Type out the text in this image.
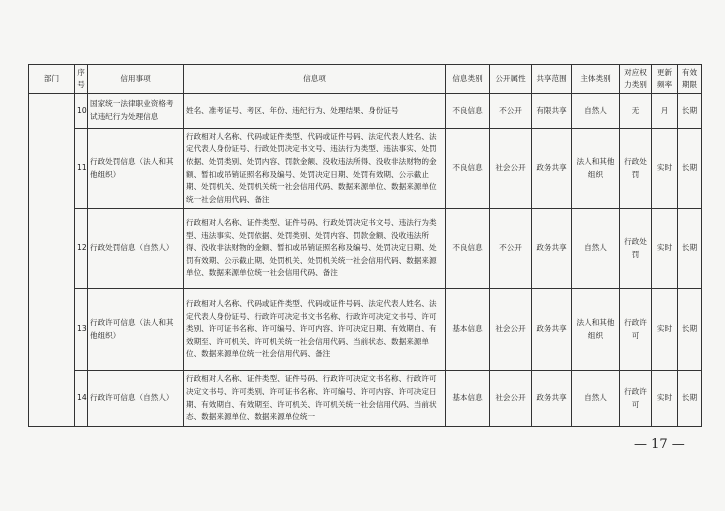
部门	序号	信用事项	信息项	信息类别	公开属性	共享范围	主体类别	对应权力类别	更新频率	有效期限
	10	国家统一法律职业资格考试违纪行为处理信息	姓名、准考证号、考区、年份、违纪行为、处理结果、身份证号	不良信息	不公开	有限共享	自然人	无	月	长期
	11	行政处罚信息（法人和其他组织）	行政相对人名称、代码或证件类型、代码或证件号码、法定代表人姓名、法定代表人身份证号、行政处罚决定书文号、违法行为类型、违法事实、处罚依据、处罚类别、处罚内容、罚款金额、没收违法所得、没收非法财物的金额、暂扣或吊销证照名称及编号、处罚决定日期、处罚有效期、公示截止期、处罚机关、处罚机关统一社会信用代码、数据来源单位、数据来源单位统一社会信用代码、备注	不良信息	社会公开	政务共享	法人和其他组织	行政处罚	实时	长期
	12	行政处罚信息（自然人）	行政相对人名称、证件类型、证件号码、行政处罚决定书文号、违法行为类型、违法事实、处罚依据、处罚类别、处罚内容、罚款金额、没收违法所得、没收非法财物的金额、暂扣或吊销证照名称及编号、处罚决定日期、处罚有效期、公示截止期、处罚机关、处罚机关统一社会信用代码、数据来源单位、数据来源单位统一社会信用代码、备注	不良信息	不公开	政务共享	自然人	行政处罚	实时	长期
	13	行政许可信息（法人和其他组织）	行政相对人名称、代码或证件类型、代码或证件号码、法定代表人姓名、法定代表人身份证号、行政许可决定书文书名称、行政许可决定文书号、许可类别、许可证书名称、许可编号、许可内容、许可决定日期、有效期自、有效期至、许可机关、许可机关统一社会信用代码、当前状态、数据来源单位、数据来源单位统一社会信用代码、备注	基本信息	社会公开	政务共享	法人和其他组织	行政许可	实时	长期
	14	行政许可信息（自然人）	行政相对人名称、证件类型、证件号码、行政许可决定文书名称、行政许可决定文书号、许可类别、许可证书名称、许可编号、许可内容、许可决定日期、有效期自、有效期至、许可机关、许可机关统一社会信用代码、当前状态、数据来源单位、数据来源单位统一	基本信息	社会公开	政务共享	自然人	行政许可	实时	长期
— 17 —
